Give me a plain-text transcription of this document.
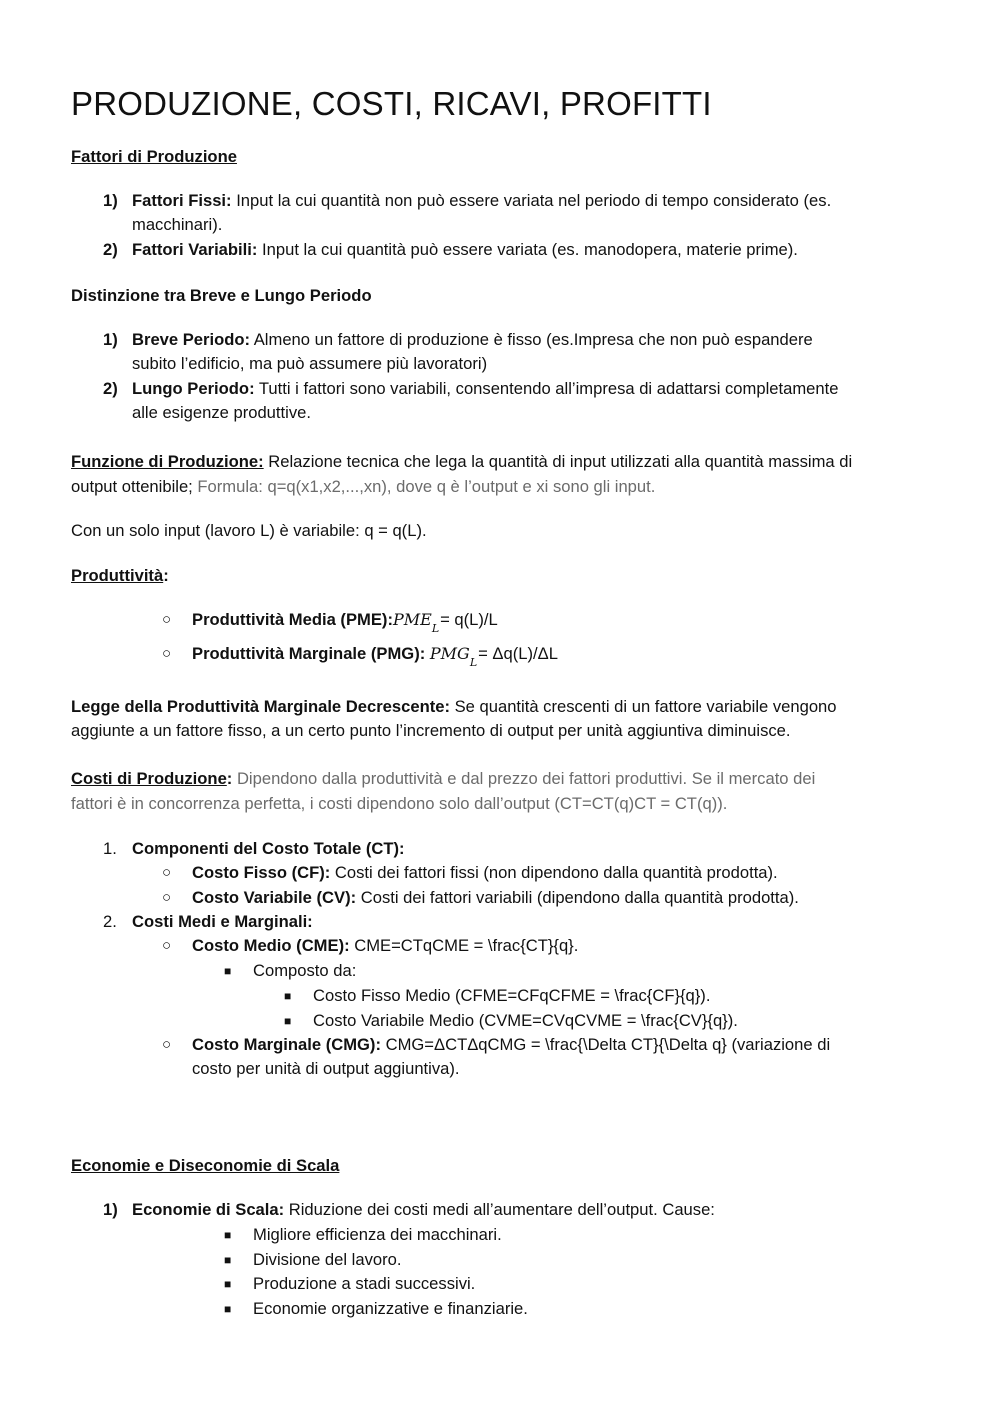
PRODUZIONE, COSTI, RICAVI, PROFITTI
Fattori di Produzione
1) Fattori Fissi: Input la cui quantità non può essere variata nel periodo di tempo considerato (es.
macchinari).
2) Fattori Variabili: Input la cui quantità può essere variata (es. manodopera, materie prime).
Distinzione tra Breve e Lungo Periodo
1) Breve Periodo: Almeno un fattore di produzione è fisso (es.Impresa che non può espandere
subito l’edificio, ma può assumere più lavoratori)
2) Lungo Periodo: Tutti i fattori sono variabili, consentendo all’impresa di adattarsi completamente
alle esigenze produttive.
Funzione di Produzione: Relazione tecnica che lega la quantità di input utilizzati alla quantità massima di
output ottenibile; Formula: q=q(x1,x2,...,xn), dove q è l’output e xi sono gli input.
Con un solo input (lavoro L) è variabile: q = q(L).
Produttività:
○ Produttività Media $(PME):PME_L= q(L)/L$
○ Produttività Marginale (PMG): $PMG_L= \Delta q(L)/\Delta L$
Legge della Produttività Marginale Decrescente: Se quantità crescenti di un fattore variabile vengono
aggiunte a un fattore fisso, a un certo punto l’incremento di output per unità aggiuntiva diminuisce.
Costi di Produzione: Dipendono dalla produttività e dal prezzo dei fattori produttivi. Se il mercato dei
fattori è in concorrenza perfetta, i costi dipendono solo dall’output (CT=CT(q)CT = CT(q)).
1. Componenti del Costo Totale (CT):
○ Costo Fisso (CF): Costi dei fattori fissi (non dipendono dalla quantità prodotta).
○ Costo Variabile (CV): Costi dei fattori variabili (dipendono dalla quantità prodotta).
2. Costi Medi e Marginali:
○ Costo Medio (CME): CME=CTqCME = \frac{CT}{q}.
■ Composto da:
■ Costo Fisso Medio (CFME=CFqCFME = \frac{CF}{q}).
■ Costo Variabile Medio (CVME=CVqCVME = \frac{CV}{q}).
○ Costo Marginale (CMG): CMG=ΔCTΔqCMG = \frac{\Delta CT}{\Delta q} (variazione di
costo per unità di output aggiuntiva).
Economie e Diseconomie di Scala
1) Economie di Scala: Riduzione dei costi medi all’aumentare dell’output. Cause:
■ Migliore efficienza dei macchinari.
■ Divisione del lavoro.
■ Produzione a stadi successivi.
■ Economie organizzative e finanziarie.
